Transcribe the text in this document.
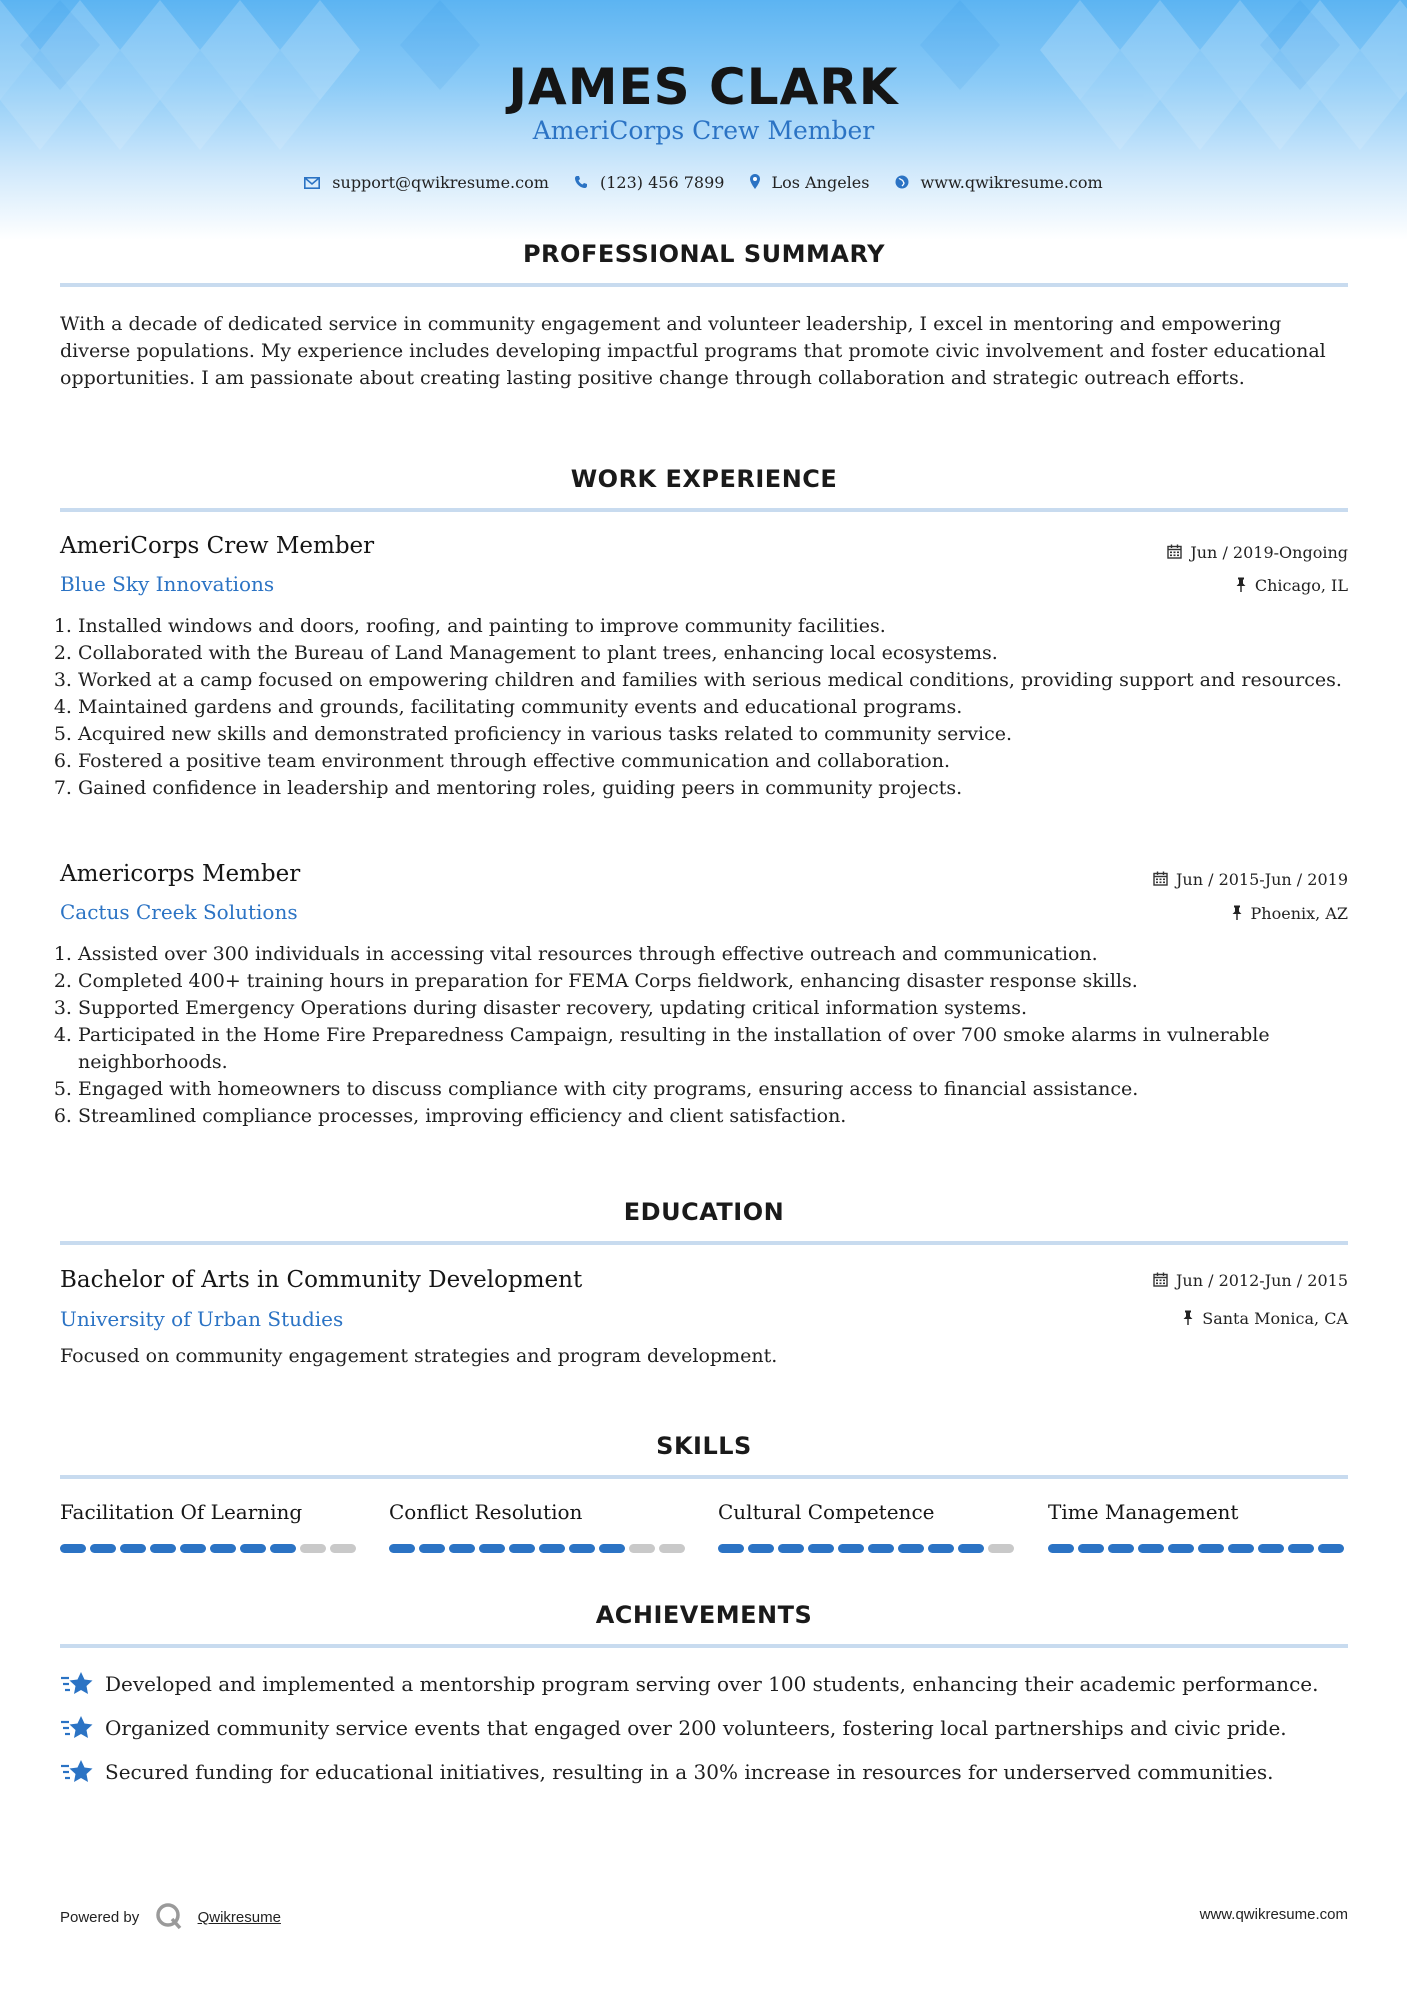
JAMES CLARK
AmeriCorps Crew Member
support@qwikresume.com	(123) 456 7899	Los Angeles	www.qwikresume.com
PROFESSIONAL SUMMARY
With a decade of dedicated service in community engagement and volunteer leadership, I excel in mentoring and empowering diverse populations. My experience includes developing impactful programs that promote civic involvement and foster educational opportunities. I am passionate about creating lasting positive change through collaboration and strategic outreach efforts.
WORK EXPERIENCE
AmeriCorps Crew Member	Jun / 2019-Ongoing
Blue Sky Innovations	Chicago, IL
1. Installed windows and doors, roofing, and painting to improve community facilities.
2. Collaborated with the Bureau of Land Management to plant trees, enhancing local ecosystems.
3. Worked at a camp focused on empowering children and families with serious medical conditions, providing support and resources.
4. Maintained gardens and grounds, facilitating community events and educational programs.
5. Acquired new skills and demonstrated proficiency in various tasks related to community service.
6. Fostered a positive team environment through effective communication and collaboration.
7. Gained confidence in leadership and mentoring roles, guiding peers in community projects.
Americorps Member	Jun / 2015-Jun / 2019
Cactus Creek Solutions	Phoenix, AZ
1. Assisted over 300 individuals in accessing vital resources through effective outreach and communication.
2. Completed 400+ training hours in preparation for FEMA Corps fieldwork, enhancing disaster response skills.
3. Supported Emergency Operations during disaster recovery, updating critical information systems.
4. Participated in the Home Fire Preparedness Campaign, resulting in the installation of over 700 smoke alarms in vulnerable neighborhoods.
5. Engaged with homeowners to discuss compliance with city programs, ensuring access to financial assistance.
6. Streamlined compliance processes, improving efficiency and client satisfaction.
EDUCATION
Bachelor of Arts in Community Development	Jun / 2012-Jun / 2015
University of Urban Studies	Santa Monica, CA
Focused on community engagement strategies and program development.
SKILLS
Facilitation Of Learning	Conflict Resolution	Cultural Competence	Time Management
ACHIEVEMENTS
Developed and implemented a mentorship program serving over 100 students, enhancing their academic performance.
Organized community service events that engaged over 200 volunteers, fostering local partnerships and civic pride.
Secured funding for educational initiatives, resulting in a 30% increase in resources for underserved communities.
Powered by	Qwikresume	www.qwikresume.com
